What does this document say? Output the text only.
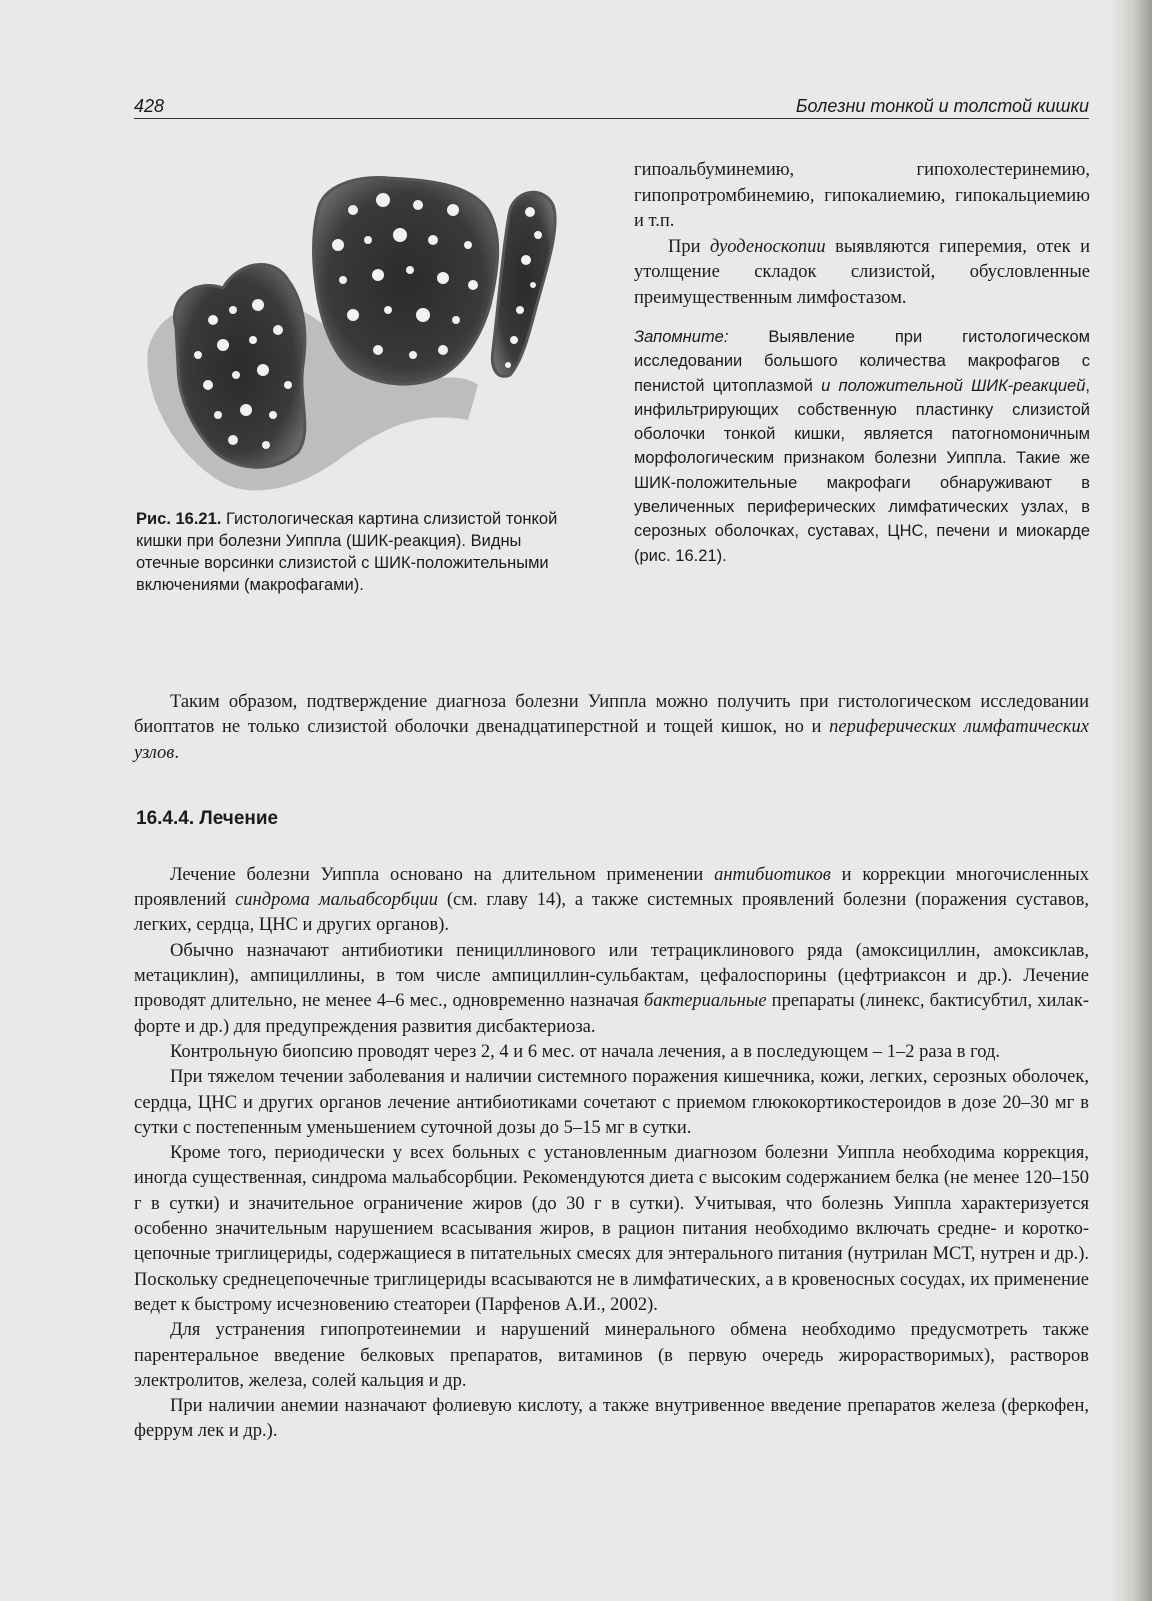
428	Болезни тонкой и толстой кишки
Рис. 16.21. Гистологическая картина слизистой тонкой кишки при болезни Уиппла (ШИК-реакция). Видны отечные ворсинки слизистой с ШИК-положительными включениями (макрофагами).

гипоальбуминемию, гипохолестеринемию, гипопротромбинемию, гипокалиемию, гипокальциемию и т.п.

При дуоденоскопии выявляются гиперемия, отек и утолщение складок слизистой, обусловленные преимущественным лимфостазом.

Запомните: Выявление при гистологическом исследовании большого количества макрофагов с пенистой цитоплазмой и положительной ШИК-реакцией, инфильтрирующих собственную пластинку слизистой оболочки тонкой кишки, является патогномоничным морфологическим признаком болезни Уиппла. Такие же ШИК-положительные макрофаги обнаруживают в увеличенных периферических лимфатических узлах, в серозных оболочках, суставах, ЦНС, печени и миокарде (рис. 16.21).

Таким образом, подтверждение диагноза болезни Уиппла можно получить при гистологическом исследовании биоптатов не только слизистой оболочки двенадцатиперстной и тощей кишок, но и периферических лимфатических узлов.

16.4.4. Лечение

Лечение болезни Уиппла основано на длительном применении антибиотиков и коррекции многочисленных проявлений синдрома мальабсорбции (см. главу 14), а также системных проявлений болезни (поражения суставов, легких, сердца, ЦНС и других органов).

Обычно назначают антибиотики пенициллинового или тетрациклинового ряда (амоксициллин, амоксиклав, метациклин), ампициллины, в том числе ампициллин-сульбактам, цефалоспорины (цефтриаксон и др.). Лечение проводят длительно, не менее 4–6 мес., одновременно назначая бактериальные препараты (линекс, бактисубтил, хилак-форте и др.) для предупреждения развития дисбактериоза.

Контрольную биопсию проводят через 2, 4 и 6 мес. от начала лечения, а в последующем – 1–2 раза в год.

При тяжелом течении заболевания и наличии системного поражения кишечника, кожи, легких, серозных оболочек, сердца, ЦНС и других органов лечение антибиотиками сочетают с приемом глюкокортикостероидов в дозе 20–30 мг в сутки с постепенным уменьшением суточной дозы до 5–15 мг в сутки.

Кроме того, периодически у всех больных с установленным диагнозом болезни Уиппла необходима коррекция, иногда существенная, синдрома мальабсорбции. Рекомендуются диета с высоким содержанием белка (не менее 120–150 г в сутки) и значительное ограничение жиров (до 30 г в сутки). Учитывая, что болезнь Уиппла характеризуется особенно значительным нарушением всасывания жиров, в рацион питания необходимо включать средне- и коротко-цепочные триглицериды, содержащиеся в питательных смесях для энтерального питания (нутрилан МСТ, нутрен и др.). Поскольку среднецепочечные триглицериды всасываются не в лимфатических, а в кровеносных сосудах, их применение ведет к быстрому исчезновению стеатореи (Парфенов А.И., 2002).

Для устранения гипопротеинемии и нарушений минерального обмена необходимо предусмотреть также парентеральное введение белковых препаратов, витаминов (в первую очередь жирорастворимых), растворов электролитов, железа, солей кальция и др.

При наличии анемии назначают фолиевую кислоту, а также внутривенное введение препаратов железа (феркофен, феррум лек и др.).
